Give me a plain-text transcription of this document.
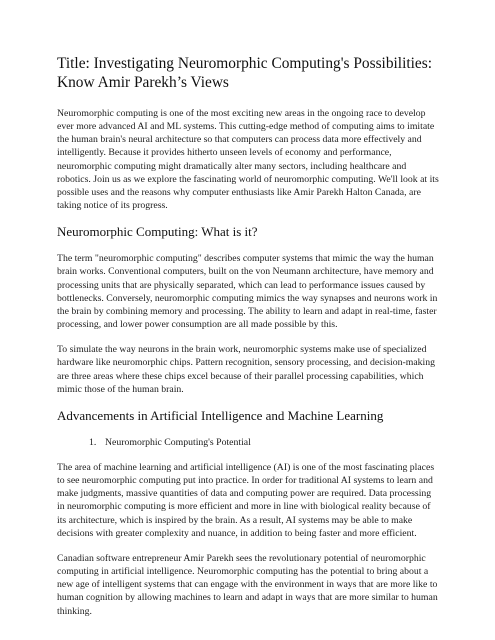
Title: Investigating Neuromorphic Computing's Possibilities: Know Amir Parekh’s Views

Neuromorphic computing is one of the most exciting new areas in the ongoing race to develop ever more advanced AI and ML systems. This cutting-edge method of computing aims to imitate the human brain's neural architecture so that computers can process data more effectively and intelligently. Because it provides hitherto unseen levels of economy and performance, neuromorphic computing might dramatically alter many sectors, including healthcare and robotics. Join us as we explore the fascinating world of neuromorphic computing. We'll look at its possible uses and the reasons why computer enthusiasts like Amir Parekh Halton Canada, are taking notice of its progress.

Neuromorphic Computing: What is it?

The term "neuromorphic computing" describes computer systems that mimic the way the human brain works. Conventional computers, built on the von Neumann architecture, have memory and processing units that are physically separated, which can lead to performance issues caused by bottlenecks. Conversely, neuromorphic computing mimics the way synapses and neurons work in the brain by combining memory and processing. The ability to learn and adapt in real-time, faster processing, and lower power consumption are all made possible by this.

To simulate the way neurons in the brain work, neuromorphic systems make use of specialized hardware like neuromorphic chips. Pattern recognition, sensory processing, and decision-making are three areas where these chips excel because of their parallel processing capabilities, which mimic those of the human brain.

Advancements in Artificial Intelligence and Machine Learning
1. Neuromorphic Computing's Potential

The area of machine learning and artificial intelligence (AI) is one of the most fascinating places to see neuromorphic computing put into practice. In order for traditional AI systems to learn and make judgments, massive quantities of data and computing power are required. Data processing in neuromorphic computing is more efficient and more in line with biological reality because of its architecture, which is inspired by the brain. As a result, AI systems may be able to make decisions with greater complexity and nuance, in addition to being faster and more efficient.

Canadian software entrepreneur Amir Parekh sees the revolutionary potential of neuromorphic computing in artificial intelligence. Neuromorphic computing has the potential to bring about a new age of intelligent systems that can engage with the environment in ways that are more like to human cognition by allowing machines to learn and adapt in ways that are more similar to human thinking.
